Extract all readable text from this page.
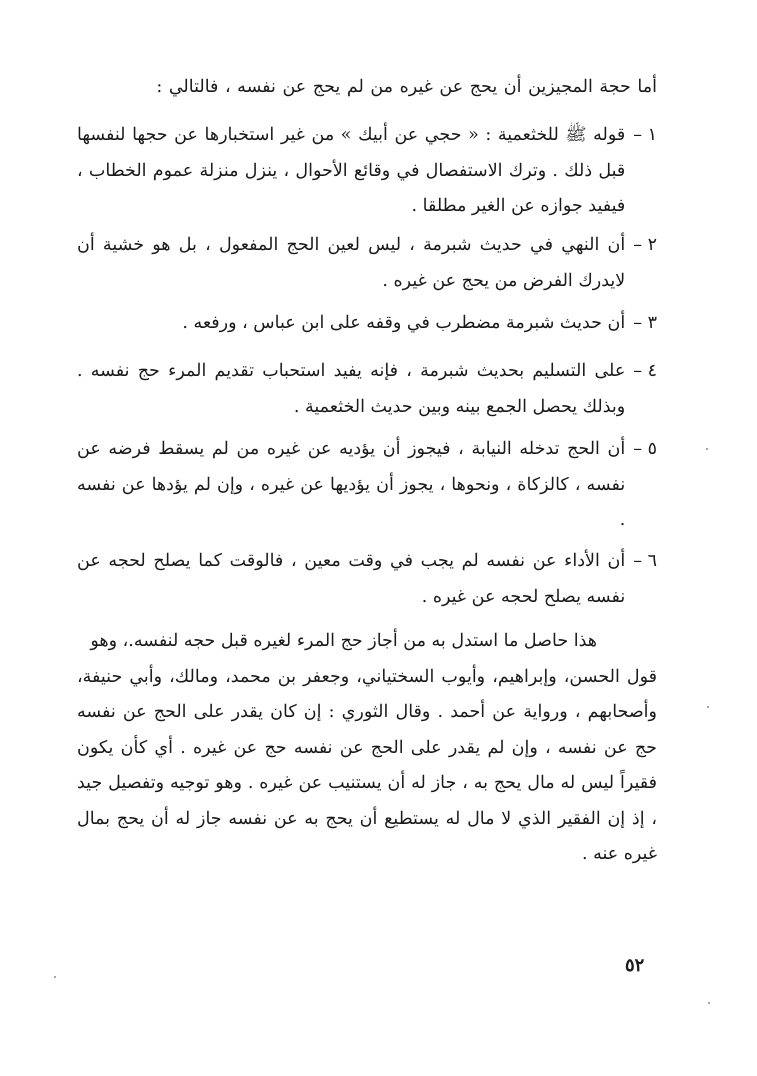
أما حجة المجيزين أن يحج عن غيره من لم يحج عن نفسه ، فالتالي :
١ –
قوله ﷺ للخثعمية : « حجي عن أبيك » من غير استخبارها عن حجها لنفسها قبل ذلك . وترك الاستفصال في وقائع الأحوال ، ينزل منزلة عموم الخطاب ، فيفيد جوازه عن الغير مطلقا .
٢ –
أن النهي في حديث شبرمة ، ليس لعين الحج المفعول ، بل هو خشية أن لايدرك الفرض من يحج عن غيره .
٣ –
أن حديث شبرمة مضطرب في وقفه على ابن عباس ، ورفعه .
٤ –
على التسليم بحديث شبرمة ، فإنه يفيد استحباب تقديم المرء حج نفسه . وبذلك يحصل الجمع بينه وبين حديث الخثعمية .
٥ –
أن الحج تدخله النيابة ، فيجوز أن يؤديه عن غيره من لم يسقط فرضه عن نفسه ، كالزكاة ، ونحوها ، يجوز أن يؤديها عن غيره ، وإن لم يؤدها عن نفسه .
٦ –
أن الأداء عن نفسه لم يجب في وقت معين ، فالوقت كما يصلح لحجه عن نفسه يصلح لحجه عن غيره .
هذا حاصل ما استدل به من أجاز حج المرء لغيره قبل حجه لنفسه.، وهو
قول الحسن، وإبراهيم، وأيوب السختياني، وجعفر بن محمد، ومالك، وأبي حنيفة، وأصحابهم ، ورواية عن أحمد . وقال الثوري : إن كان يقدر على الحج عن نفسه حج عن نفسه ، وإن لم يقدر على الحج عن نفسه حج عن غيره . أي كأن يكون فقيراً ليس له مال يحج به ، جاز له أن يستنيب عن غيره . وهو توجيه وتفصيل جيد ، إذ إن الفقير الذي لا مال له يستطيع أن يحج به عن نفسه جاز له أن يحج بمال غيره عنه .
٥٢
